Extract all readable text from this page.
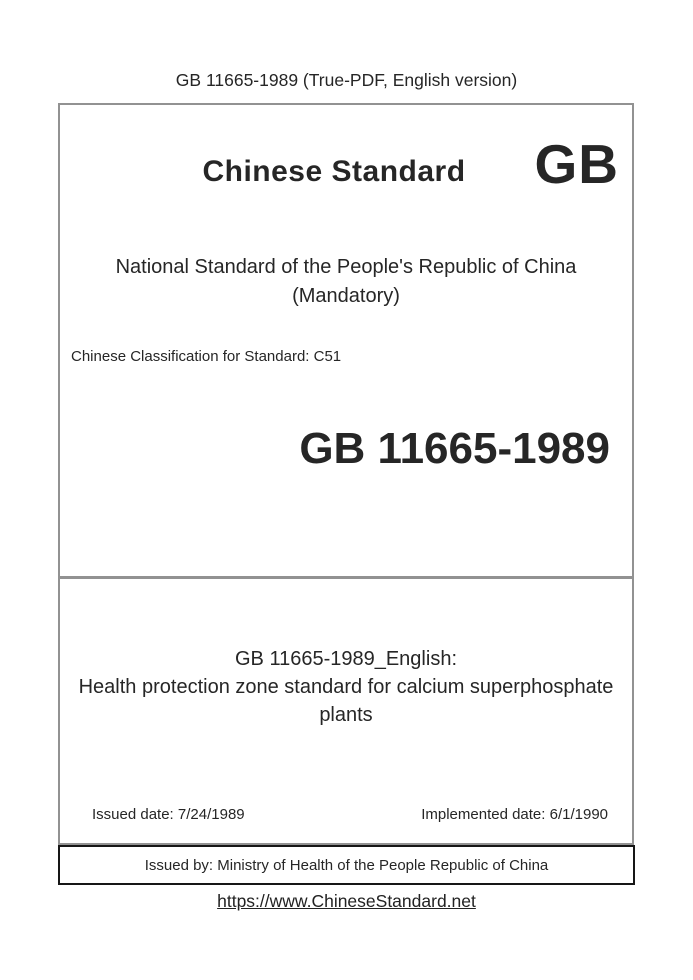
GB 11665-1989 (True-PDF, English version)
Chinese Standard	GB
National Standard of the People's Republic of China
(Mandatory)
Chinese Classification for Standard: C51
GB 11665-1989
GB 11665-1989_English:
Health protection zone standard for calcium superphosphate
plants
Issued date: 7/24/1989	Implemented date: 6/1/1990
Issued by: Ministry of Health of the People Republic of China
https://www.ChineseStandard.net
